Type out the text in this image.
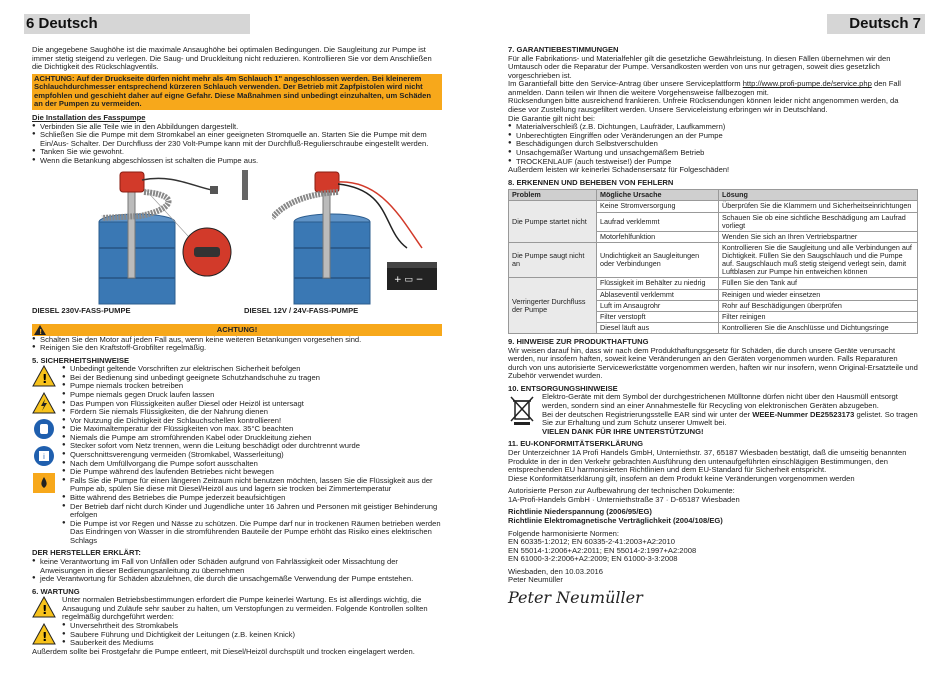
6 Deutsch

Die angegebene Saughöhe ist die maximale Ansaughöhe bei optimalen Bedingungen. Die Saugleitung zur Pumpe ist immer stetig steigend zu verlegen. Die Saug- und Druckleitung nicht reduzieren. Kontrollieren Sie vor dem Anschließen die Dichtigkeit des Rückschlagventils.

ACHTUNG: Auf der Druckseite dürfen nicht mehr als 4m Schlauch 1" angeschlossen werden. Bei kleinerem Schlauchdurchmesser entsprechend kürzeren Schlauch verwenden. Der Betrieb mit Zapfpistolen wird nicht empfohlen und geschieht daher auf eigne Gefahr. Diese Maßnahmen sind unbedingt einzuhalten, um Schäden an der Pumpen zu vermeiden.

Die Installation des Fasspumpe
● Verbinden Sie alle Teile wie in den Abbildungen dargestellt.
● Schließen Sie die Pumpe mit dem Stromkabel an einer geeigneten Stromquelle an. Starten Sie die Pumpe mit dem Ein/Aus- Schalter. Der Durchfluss der 230 Volt-Pumpe kann mit der Durchfluß-Regulierschraube eingestellt werden.
● Tanken Sie wie gewohnt.
● Wenn die Betankung abgeschlossen ist schalten die Pumpe aus.
+ ▭ −
DIESEL 230V-FASS-PUMPE	DIESEL 12V / 24V-FASS-PUMPE
!	ACHTUNG!
● Schalten Sie den Motor auf jeden Fall aus, wenn keine weiteren Betankungen vorgesehen sind.
● Reinigen Sie den Kraftstoff-Grobfilter regelmäßig.
5. SICHERHEITSHINWEISE
!

i

● Unbedingt geltende Vorschriften zur elektrischen Sicherheit befolgen
● Bei der Bedienung sind unbedingt geeignete Schutzhandschuhe zu tragen
● Pumpe niemals trocken betreiben
● Pumpe niemals gegen Druck laufen lassen
● Das Pumpen von Flüssigkeiten außer Diesel oder Heizöl ist untersagt
● Fördern Sie niemals Flüssigkeiten, die der Nahrung dienen
● Vor Nutzung die Dichtigkeit der Schlauchschellen kontrollieren!
● Die Maximaltemperatur der Flüssigkeiten von max. 35°C beachten
● Niemals die Pumpe am stromführenden Kabel oder Druckleitung ziehen
● Stecker sofort vom Netz trennen, wenn die Leitung beschädigt oder durchtrennt wurde
● Querschnittsverengung vermeiden (Stromkabel, Wasserleitung)
● Nach dem Umfüllvorgang die Pumpe sofort ausschalten
● Die Pumpe während des laufenden Betriebes nicht bewegen
● Falls Sie die Pumpe für einen längeren Zeitraum nicht benutzen möchten, lassen Sie die Flüssigkeit aus der Pumpe ab, spülen Sie diese mit Diesel/Heizöl aus und lagern sie trocken bei Zimmertemperatur
● Bitte während des Betriebes die Pumpe jederzeit beaufsichtigen
● Der Betrieb darf nicht durch Kinder und Jugendliche unter 16 Jahren und Personen mit geistiger Behinderung erfolgen
● Die Pumpe ist vor Regen und Nässe zu schützen. Die Pumpe darf nur in trockenen Räumen betrieben werden Das Eindringen von Wasser in die stromführenden Bauteile der Pumpe erhöht das Risiko eines elektrischen Schlags
DER HERSTELLER ERKLÄRT:
● keine Verantwortung im Fall von Unfällen oder Schäden aufgrund von Fahrlässigkeit oder Missachtung der Anweisungen in dieser Bedienungsanleitung zu übernehmen
● jede Verantwortung für Schäden abzulehnen, die durch die unsachgemäße Verwendung der Pumpe entstehen.
6. WARTUNG
!

!

Unter normalen Betriebsbestimmungen erfordert die Pumpe keinerlei Wartung. Es ist allerdings wichtig, die Ansaugung und Zuläufe sehr sauber zu halten, um Verstopfungen zu vermeiden. Folgende Kontrollen sollten regelmäßig durchgeführt werden:

● Unversehrtheit des Stromkabels
● Saubere Führung und Dichtigkeit der Leitungen (z.B. keinen Knick)
● Sauberkeit des Mediums

Außerdem sollte bei Frostgefahr die Pumpe entleert, mit Diesel/Heizöl durchspült und trocken eingelagert werden.

Deutsch 7
7. GARANTIEBESTIMMUNGEN

Für alle Fabrikations- und Materialfehler gilt die gesetzliche Gewährleistung. In diesen Fällen übernehmen wir den Umtausch oder die Reparatur der Pumpe. Versandkosten werden von uns nur getragen, soweit dies gesetzlich vorgeschrieben ist.

Im Garantiefall bitte den Service-Antrag über unsere Serviceplattform http://www.profi-pumpe.de/service.php den Fall anmelden. Dann teilen wir Ihnen die weitere Vorgehensweise fallbezogen mit.

Rücksendungen bitte ausreichend frankieren. Unfreie Rücksendungen können leider nicht angenommen werden, da diese vor Zustellung rausgefiltert werden. Unsere Serviceleistung erbringen wir in Deutschland.

Die Garantie gilt nicht bei:

● Materialverschleiß (z.B. Dichtungen, Laufräder, Laufkammern)
● Unberechtigten Eingriffen oder Veränderungen an der Pumpe
● Beschädigungen durch Selbstverschulden
● Unsachgemäßer Wartung und unsachgemäßem Betrieb
● TROCKENLAUF (auch testweise!) der Pumpe

Außerdem leisten wir keinerlei Schadensersatz für Folgeschäden!

8. ERKENNEN UND BEHEBEN VON FEHLERN
Problem	Mögliche Ursache	Lösung
Die Pumpe startet nicht	Keine Stromversorgung	Überprüfen Sie die Klammern und Sicherheitseinrichtungen
	Laufrad verklemmt	Schauen Sie ob eine sichtliche Beschädigung am Laufrad vorliegt
	Motorfehlfunktion	Wenden Sie sich an Ihren Vertriebspartner
Die Pumpe saugt nicht an	Undichtigkeit an Saugleitungen oder Verbindungen	Kontrollieren Sie die Saugleitung und alle Verbindungen auf Dichtigkeit. Füllen Sie den Saugschlauch und die Pumpe auf. Saugschlauch muß stetig steigend verlegt sein, damit Luftblasen zur Pumpe hin entweichen können
Verringerter Durchfluss der Pumpe	Flüssigkeit im Behälter zu niedrig	Füllen Sie den Tank auf
	Ablaseventil verklemmt	Reinigen und wieder einsetzen
	Luft im Ansaugrohr	Rohr auf Beschädigungen überprüfen
	Filter verstopft	Filter reinigen
	Diesel läuft aus	Kontrollieren Sie die Anschlüsse und Dichtungsringe
9. HINWEISE ZUR PRODUKTHAFTUNG

Wir weisen darauf hin, dass wir nach dem Produkthaftungsgesetz für Schäden, die durch unsere Geräte verursacht werden, nur insofern haften, soweit keine Veränderungen an den Geräten vorgenommen wurden. Falls Reparaturen durch von uns autorisierte Servicewerkstätte vorgenommen werden, haften wir nur insofern, wenn Original-Ersatzteile und Zubehör verwendet wurden.

10. ENTSORGUNGSHINWEISE

Elektro-Geräte mit dem Symbol der durchgestrichenen Mülltonne dürfen nicht über den Hausmüll entsorgt werden, sondern sind an einer Annahmestelle für Recycling von elektronischen Geräten abzugeben.

Bei der deutschen Registrierungsstelle EAR sind wir unter der WEEE-Nummer DE25523173 gelistet. So tragen Sie zur Erhaltung und zum Schutz unserer Umwelt bei.

VIELEN DANK FÜR IHRE UNTERSTÜTZUNG!

11. EU-KONFORMITÄTSERKLÄRUNG

Der Unterzeichner 1A Profi Handels GmbH, Unterniethstr. 37, 65187 Wiesbaden bestätigt, daß die umseitig benannten Produkte in der in den Verkehr gebrachten Ausführung den untenaufgeführten einschlägigen Bestimmungen, den entsprechenden EU harmonisierten Richtlinien und dem EU-Standard für Sicherheit entspricht.

Diese Konformitätserklärung gilt, insofern an dem Produkt keine Veränderungen vorgenommen werden

Autorisierte Person zur Aufbewahrung der technischen Dokumente:

1A-Profi-Handels GmbH · Unterniethstraße 37 · D-65187 Wiesbaden

Richtlinie Niederspannung (2006/95/EG)

Richtlinie Elektromagnetische Verträglichkeit (2004/108/EG)

Folgende harmonisierte Normen:

EN 60335-1:2012; EN 60335-2-41:2003+A2:2010

EN 55014-1:2006+A2:2011; EN 55014-2:1997+A2:2008

EN 61000-3-2:2006+A2:2009; EN 61000-3-3:2008

Wiesbaden, den 10.03.2016

Peter Neumüller

Peter Neumüller
